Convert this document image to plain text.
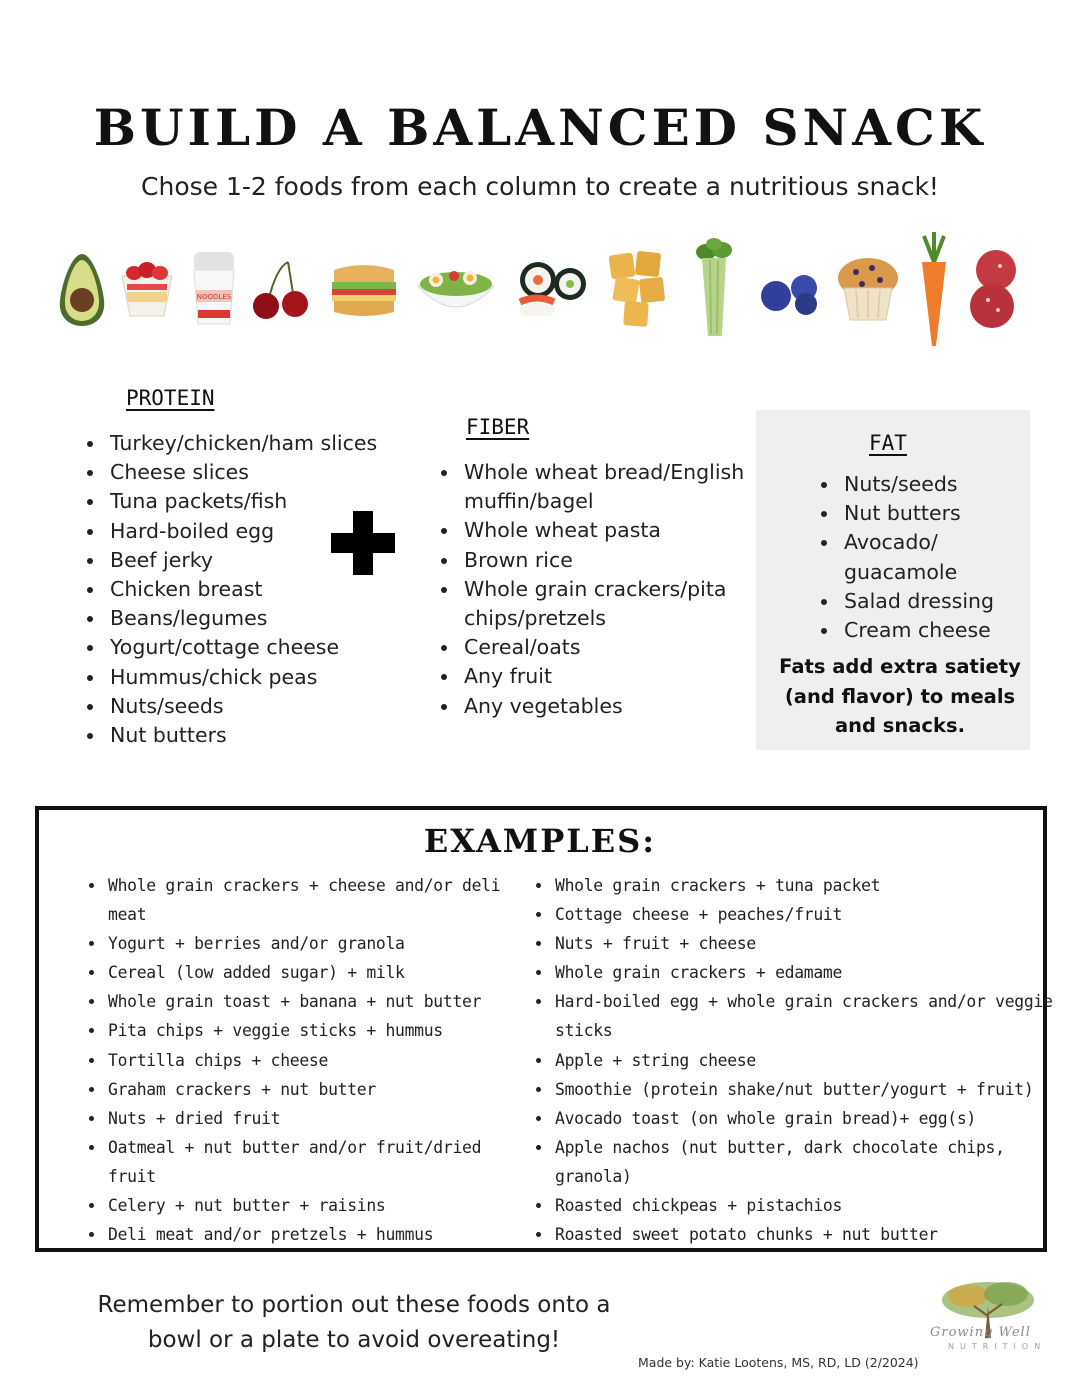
BUILD A BALANCED SNACK
Chose 1-2 foods from each column to create a nutritious snack!
NOODLES
PROTEIN
• Turkey/chicken/ham slices
• Cheese slices
• Tuna packets/fish
• Hard-boiled egg
• Beef jerky
• Chicken breast
• Beans/legumes
• Yogurt/cottage cheese
• Hummus/chick peas
• Nuts/seeds
• Nut butters
FIBER
• Whole wheat bread/English muffin/bagel
• Whole wheat pasta
• Brown rice
• Whole grain crackers/pita chips/pretzels
• Cereal/oats
• Any fruit
• Any vegetables
FAT
• Nuts/seeds
• Nut butters
• Avocado/ guacamole
• Salad dressing
• Cream cheese
Fats add extra satiety (and flavor) to meals and snacks.
EXAMPLES:
• Whole grain crackers + cheese and/or deli meat
• Yogurt + berries and/or granola
• Cereal (low added sugar) + milk
• Whole grain toast + banana + nut butter
• Pita chips + veggie sticks + hummus
• Tortilla chips + cheese
• Graham crackers + nut butter
• Nuts + dried fruit
• Oatmeal + nut butter and/or fruit/dried fruit
• Celery + nut butter + raisins
• Deli meat and/or pretzels + hummus
• Whole grain crackers + tuna packet
• Cottage cheese + peaches/fruit
• Nuts + fruit + cheese
• Whole grain crackers + edamame
• Hard-boiled egg + whole grain crackers and/or veggie sticks
• Apple + string cheese
• Smoothie (protein shake/nut butter/yogurt + fruit)
• Avocado toast (on whole grain bread)+ egg(s)
• Apple nachos (nut butter, dark chocolate chips, granola)
• Roasted chickpeas + pistachios
• Roasted sweet potato chunks + nut butter
Remember to portion out these foods onto a bowl or a plate to avoid overeating!	Growing Well
NUTRITION
Made by: Katie Lootens, MS, RD, LD (2/2024)
